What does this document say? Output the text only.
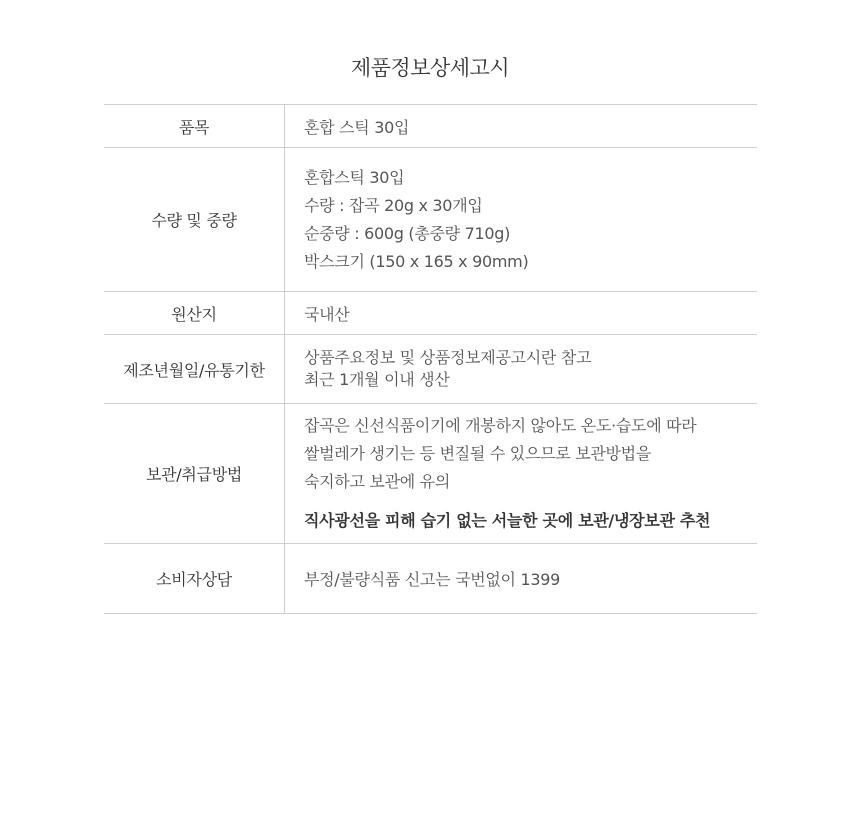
제품정보상세고시
품목	혼합 스틱 30입

수량 및 중량	혼합스틱 30입
수량 : 잡곡 20g x 30개입
순중량 : 600g (총중량 710g)
박스크기 (150 x 165 x 90mm)

원산지	국내산

제조년월일/유통기한	상품주요정보 및 상품정보제공고시란 참고
최근 1개월 이내 생산

보관/취급방법	잡곡은 신선식품이기에 개봉하지 않아도 온도·습도에 따라
쌀벌레가 생기는 등 변질될 수 있으므로 보관방법을
숙지하고 보관에 유의
직사광선을 피해 습기 없는 서늘한 곳에 보관/냉장보관 추천

소비자상담	부정/불량식품 신고는 국번없이 1399
